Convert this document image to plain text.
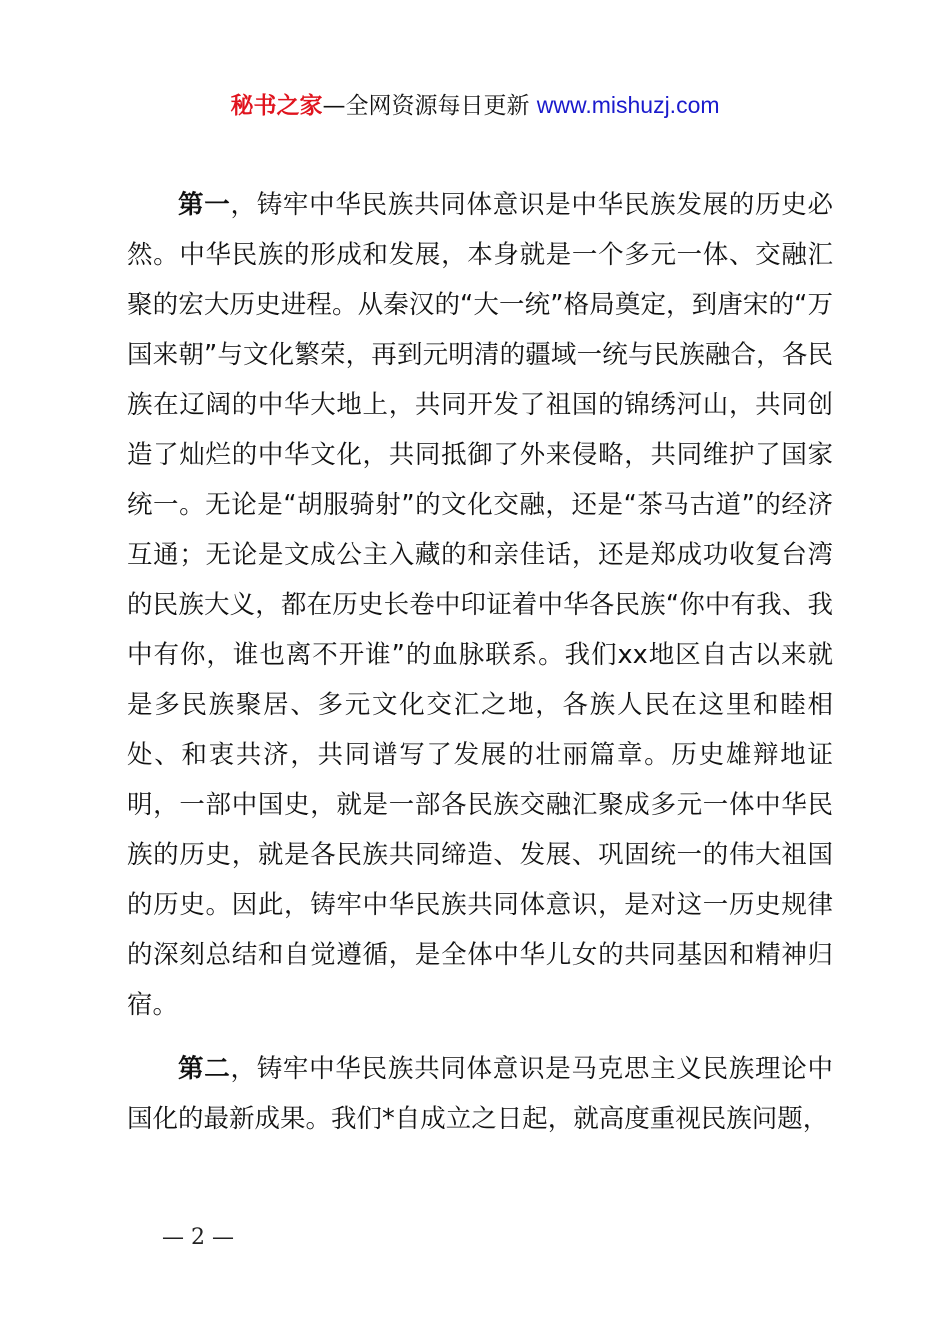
秘书之家—全网资源每日更新 www.mishuzj.com

第一，铸牢中华民族共同体意识是中华民族发展的历史必然。中华民族的形成和发展，本身就是一个多元一体、交融汇聚的宏大历史进程。从秦汉的“大一统”格局奠定，到唐宋的“万国来朝”与文化繁荣，再到元明清的疆域一统与民族融合，各民族在辽阔的中华大地上，共同开发了祖国的锦绣河山，共同创造了灿烂的中华文化，共同抵御了外来侵略，共同维护了国家统一。无论是“胡服骑射”的文化交融，还是“茶马古道”的经济互通；无论是文成公主入藏的和亲佳话，还是郑成功收复台湾的民族大义，都在历史长卷中印证着中华各民族“你中有我、我中有你，谁也离不开谁”的血脉联系。我们xx地区自古以来就是多民族聚居、多元文化交汇之地，各族人民在这里和睦相处、和衷共济，共同谱写了发展的壮丽篇章。历史雄辩地证明，一部中国史，就是一部各民族交融汇聚成多元一体中华民族的历史，就是各民族共同缔造、发展、巩固统一的伟大祖国的历史。因此，铸牢中华民族共同体意识，是对这一历史规律的深刻总结和自觉遵循，是全体中华儿女的共同基因和精神归宿。

第二，铸牢中华民族共同体意识是马克思主义民族理论中国化的最新成果。我们*自成立之日起，就高度重视民族问题，

— 2 —
